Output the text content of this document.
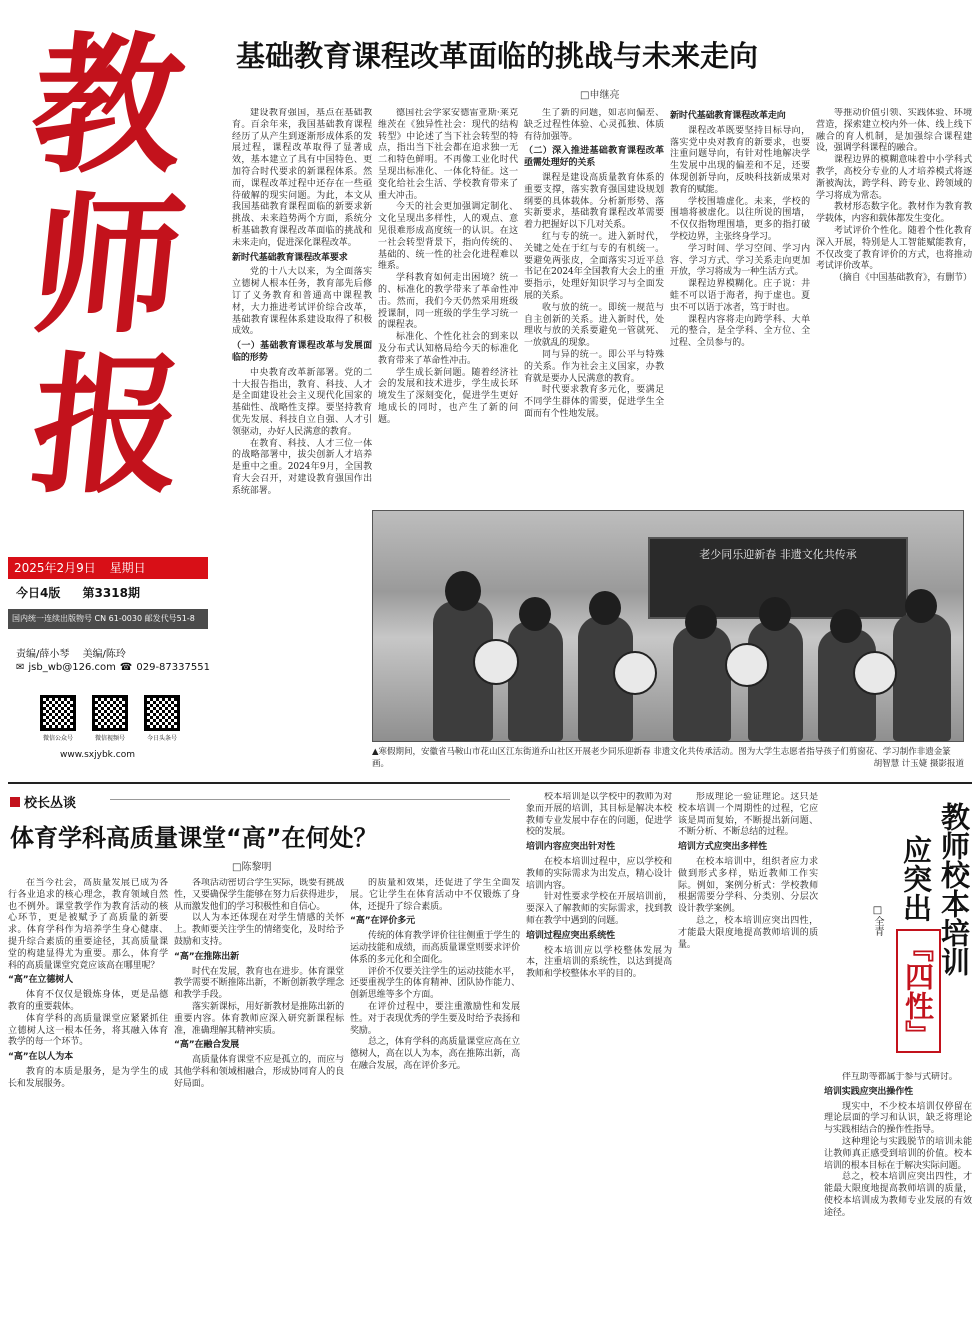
教
师
报
2025年2月9日 星期日
今日4版 第3318期
国内统一连续出版物号 CN 61-0030 邮发代号51-8
责编/薛小琴 美编/陈玲
✉ jsb_wb@126.com ☎ 029-87337551
微信公众号	微信视频号	今日头条号
www.sxjybk.com
基础教育课程改革面临的挑战与未来走向
□申继亮

建设教育强国，基点在基础教育。百余年来，我国基础教育课程经历了从产生到逐渐形成体系的发展过程，课程改革取得了显著成效，基本建立了具有中国特色、更加符合时代要求的新课程体系。然而，课程改革过程中还存在一些亟待破解的现实问题。为此，本文从我国基础教育课程面临的新要求新挑战、未来趋势两个方面，系统分析基础教育课程改革面临的挑战和未来走向，促进深化课程改革。

新时代基础教育课程改革要求

党的十八大以来，为全面落实立德树人根本任务，教育部先后修订了义务教育和普通高中课程教材，大力推进考试评价综合改革，基础教育课程体系建设取得了积极成效。

（一）基础教育课程改革与发展面临的形势

中央教育改革新部署。党的二十大报告指出，教育、科技、人才是全面建设社会主义现代化国家的基础性、战略性支撑。要坚持教育优先发展、科技自立自强、人才引领驱动，办好人民满意的教育。

在教育、科技、人才三位一体的战略部署中，拔尖创新人才培养是重中之重。2024年9月，全国教育大会召开，对建设教育强国作出系统部署。

德国社会学家安德雷亚斯·莱克维茨在《独异性社会：现代的结构转型》中论述了当下社会转型的特点，指出当下社会都在追求独一无二和特色鲜明。不再像工业化时代呈现出标准化、一体化特征。这一变化给社会生活、学校教育带来了重大冲击。

今天的社会更加强调定制化、文化呈现出多样性，人的观点、意见很难形成高度统一的认识。在这一社会转型背景下，指向传统的、基础的、统一性的社会化进程难以维系。

学科教育如何走出困境？统一的、标准化的教学带来了革命性冲击。然而，我们今天仍然采用班级授课制，同一班级的学生学习统一的课程表。

标准化、个性化社会的到来以及分布式认知格局给今天的标准化教育带来了革命性冲击。

学生成长新问题。随着经济社会的发展和技术进步，学生成长环境发生了深刻变化，促进学生更好地成长的同时，也产生了新的问题。

生了新的问题，如志向偏差、缺乏过程性体验、心灵孤独、体质有待加强等。

（二）深入推进基础教育课程改革亟需处理好的关系

课程是建设高质量教育体系的重要支撑，落实教育强国建设规划纲要的具体载体。分析新形势、落实新要求，基础教育课程改革需要着力把握好以下几对关系。

红与专的统一。进入新时代，关键之处在于红与专的有机统一。要避免两张皮，全面落实习近平总书记在2024年全国教育大会上的重要指示，处理好知识学习与全面发展的关系。

收与放的统一。即统一规范与自主创新的关系。进入新时代，处理收与放的关系要避免一管就死、一放就乱的现象。

同与异的统一。即公平与特殊的关系。作为社会主义国家，办教育就是要办人民满意的教育。

时代要求教育多元化，要满足不同学生群体的需要，促进学生全面而有个性地发展。

新时代基础教育课程改革走向

课程改革既要坚持目标导向，落实党中央对教育的新要求，也要注重问题导向，有针对性地解决学生发展中出现的偏差和不足，还要体现创新导向，反映科技新成果对教育的赋能。

学校围墙虚化。未来，学校的围墙将被虚化。以往所说的围墙，不仅仅指物理围墙，更多的指打破学校边界，主张终身学习。

学习时间、学习空间、学习内容、学习方式、学习关系走向更加开放，学习将成为一种生活方式。

课程边界模糊化。庄子说：井蛙不可以语于海者，拘于虚也。夏虫不可以语于冰者，笃于时也。

课程内容将走向跨学科、大单元的整合，是全学科、全方位、全过程、全员参与的。

等推动价值引领、实践体验、环境营造，探索建立校内外一体、线上线下融合的育人机制，是加强综合课程建设，强调学科课程的融合。

课程边界的模糊意味着中小学科式教学，高校分专业的人才培养模式将逐渐被淘汰，跨学科、跨专业、跨领域的学习将成为常态。

教材形态数字化。教材作为教育教学载体，内容和载体都发生变化。

考试评价个性化。随着个性化教育深入开展，特别是人工智能赋能教育，不仅改变了教育评价的方式，也将推动考试评价改革。

（摘自《中国基础教育》，有删节）

老少同乐迎新春 非遗文化共传承
▲寒假期间，安徽省马鞍山市花山区江东街道乔山社区开展老少同乐迎新春 非遗文化共传承活动。图为大学生志愿者指导孩子们剪窗花、学习制作非遗金篆画。	胡智慧 计玉婕 摄影报道
校长丛谈
体育学科高质量课堂“高”在何处？
□陈黎明

在当今社会，高质量发展已成为各行各业追求的核心理念，教育领域自然也不例外。课堂教学作为教育活动的核心环节，更是被赋予了高质量的新要求。体育学科作为培养学生身心健康、提升综合素质的重要途径，其高质量课堂的构建显得尤为重要。那么，体育学科的高质量课堂究竟应该高在哪里呢？

“高”在立德树人

体育不仅仅是锻炼身体，更是品德教育的重要载体。

体育学科的高质量课堂应紧紧抓住立德树人这一根本任务，将其融入体育教学的每一个环节。

“高”在以人为本

教育的本质是服务，是为学生的成长和发展服务。

各项活动密切合学生实际，既要有挑战性，又要确保学生能够在努力后获得进步，从而激发他们的学习积极性和自信心。

以人为本还体现在对学生情感的关怀上。教师要关注学生的情绪变化，及时给予鼓励和支持。

“高”在推陈出新

时代在发展，教育也在进步。体育课堂教学需要不断推陈出新，不断创新教学理念和教学手段。

落实新课标，用好新教材是推陈出新的重要内容。体育教师应深入研究新课程标准，准确理解其精神实质。

“高”在融合发展

高质量体育课堂不应是孤立的，而应与其他学科和领域相融合，形成协同育人的良好局面。

的质量和效果，还促进了学生全面发展。它让学生在体育活动中不仅锻炼了身体，还提升了综合素质。

“高”在评价多元

传统的体育教学评价往往侧重于学生的运动技能和成绩，而高质量课堂则要求评价体系的多元化和全面化。

评价不仅要关注学生的运动技能水平，还要重视学生的体育精神、团队协作能力、创新思维等多个方面。

在评价过程中，要注重激励性和发展性。对于表现优秀的学生要及时给予表扬和奖励。

总之，体育学科的高质量课堂应高在立德树人，高在以人为本，高在推陈出新，高在融合发展，高在评价多元。

教师校本培训
应突出
『四性』
□全青

校本培训是以学校中的教师为对象而开展的培训，其目标是解决本校教师专业发展中存在的问题，促进学校的发展。

培训内容应突出针对性

在校本培训过程中，应以学校和教师的实际需求为出发点，精心设计培训内容。

针对性要求学校在开展培训前，要深入了解教师的实际需求，找到教师在教学中遇到的问题。

培训过程应突出系统性

校本培训应以学校整体发展为本，注重培训的系统性，以达到提高教师和学校整体水平的目的。

形成理论一验证理论。这只是校本培训一个周期性的过程，它应该是周而复始，不断提出新问题、不断分析、不断总结的过程。

培训方式应突出多样性

在校本培训中，组织者应力求做到形式多样，贴近教师工作实际。例如，案例分析式：学校教师根据需要分学科、分类别、分层次设计教学案例。

总之，校本培训应突出四性，才能最大限度地提高教师培训的质量。

伴互助等都属于参与式研讨。

培训实践应突出操作性

现实中，不少校本培训仅停留在理论层面的学习和认识，缺乏将理论与实践相结合的操作性指导。

这种理论与实践脱节的培训未能让教师真正感受到培训的价值。校本培训的根本目标在于解决实际问题。

总之，校本培训应突出四性，才能最大限度地提高教师培训的质量，使校本培训成为教师专业发展的有效途径。
